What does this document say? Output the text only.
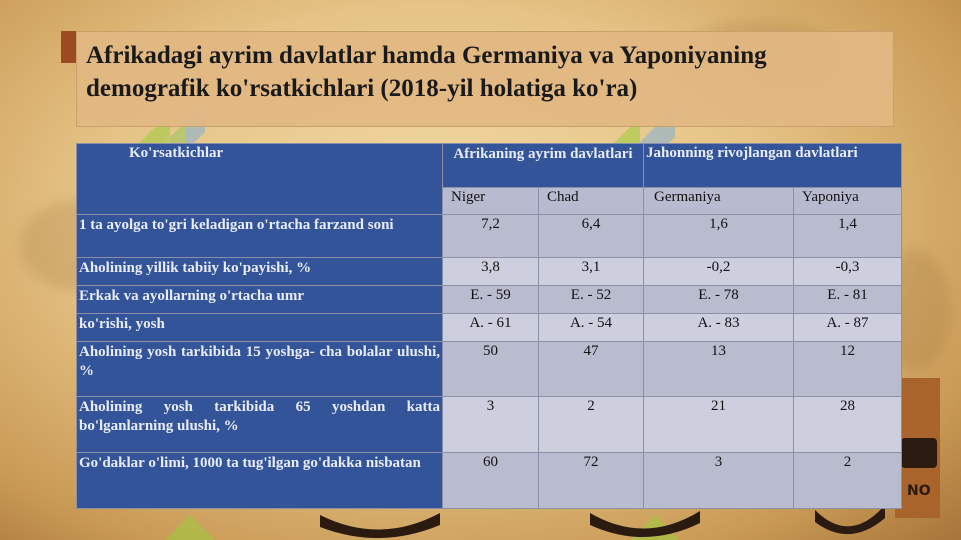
NO

Afrikadagi ayrim davlatlar hamda Germaniya va Yaponiyaning demografik ko'rsatkichlari (2018-yil holatiga ko'ra)

Ko'rsatkichlar	Afrikaning ayrim davlatlari		Jahonning rivojlangan davlatlari	
	Niger	Chad	Germaniya	Yaponiya
1 ta ayolga to'gri keladigan o'rtacha farzand soni	7,2	6,4	1,6	1,4
Aholining yillik tabiiy ko'payishi, %	3,8	3,1	-0,2	-0,3
Erkak va ayollarning o'rtacha umr	E. - 59	E. - 52	E. - 78	E. - 81
ko'rishi, yosh	A. - 61	A. - 54	A. - 83	A. - 87
Aholining yosh tarkibida 15 yoshga- cha bolalar ulushi, %	50	47	13	12
Aholining yosh tarkibida 65 yoshdan katta bo'lganlarning ulushi, %	3	2	21	28
Go'daklar o'limi, 1000 ta tug'ilgan go'dakka nisbatan	60	72	3	2
